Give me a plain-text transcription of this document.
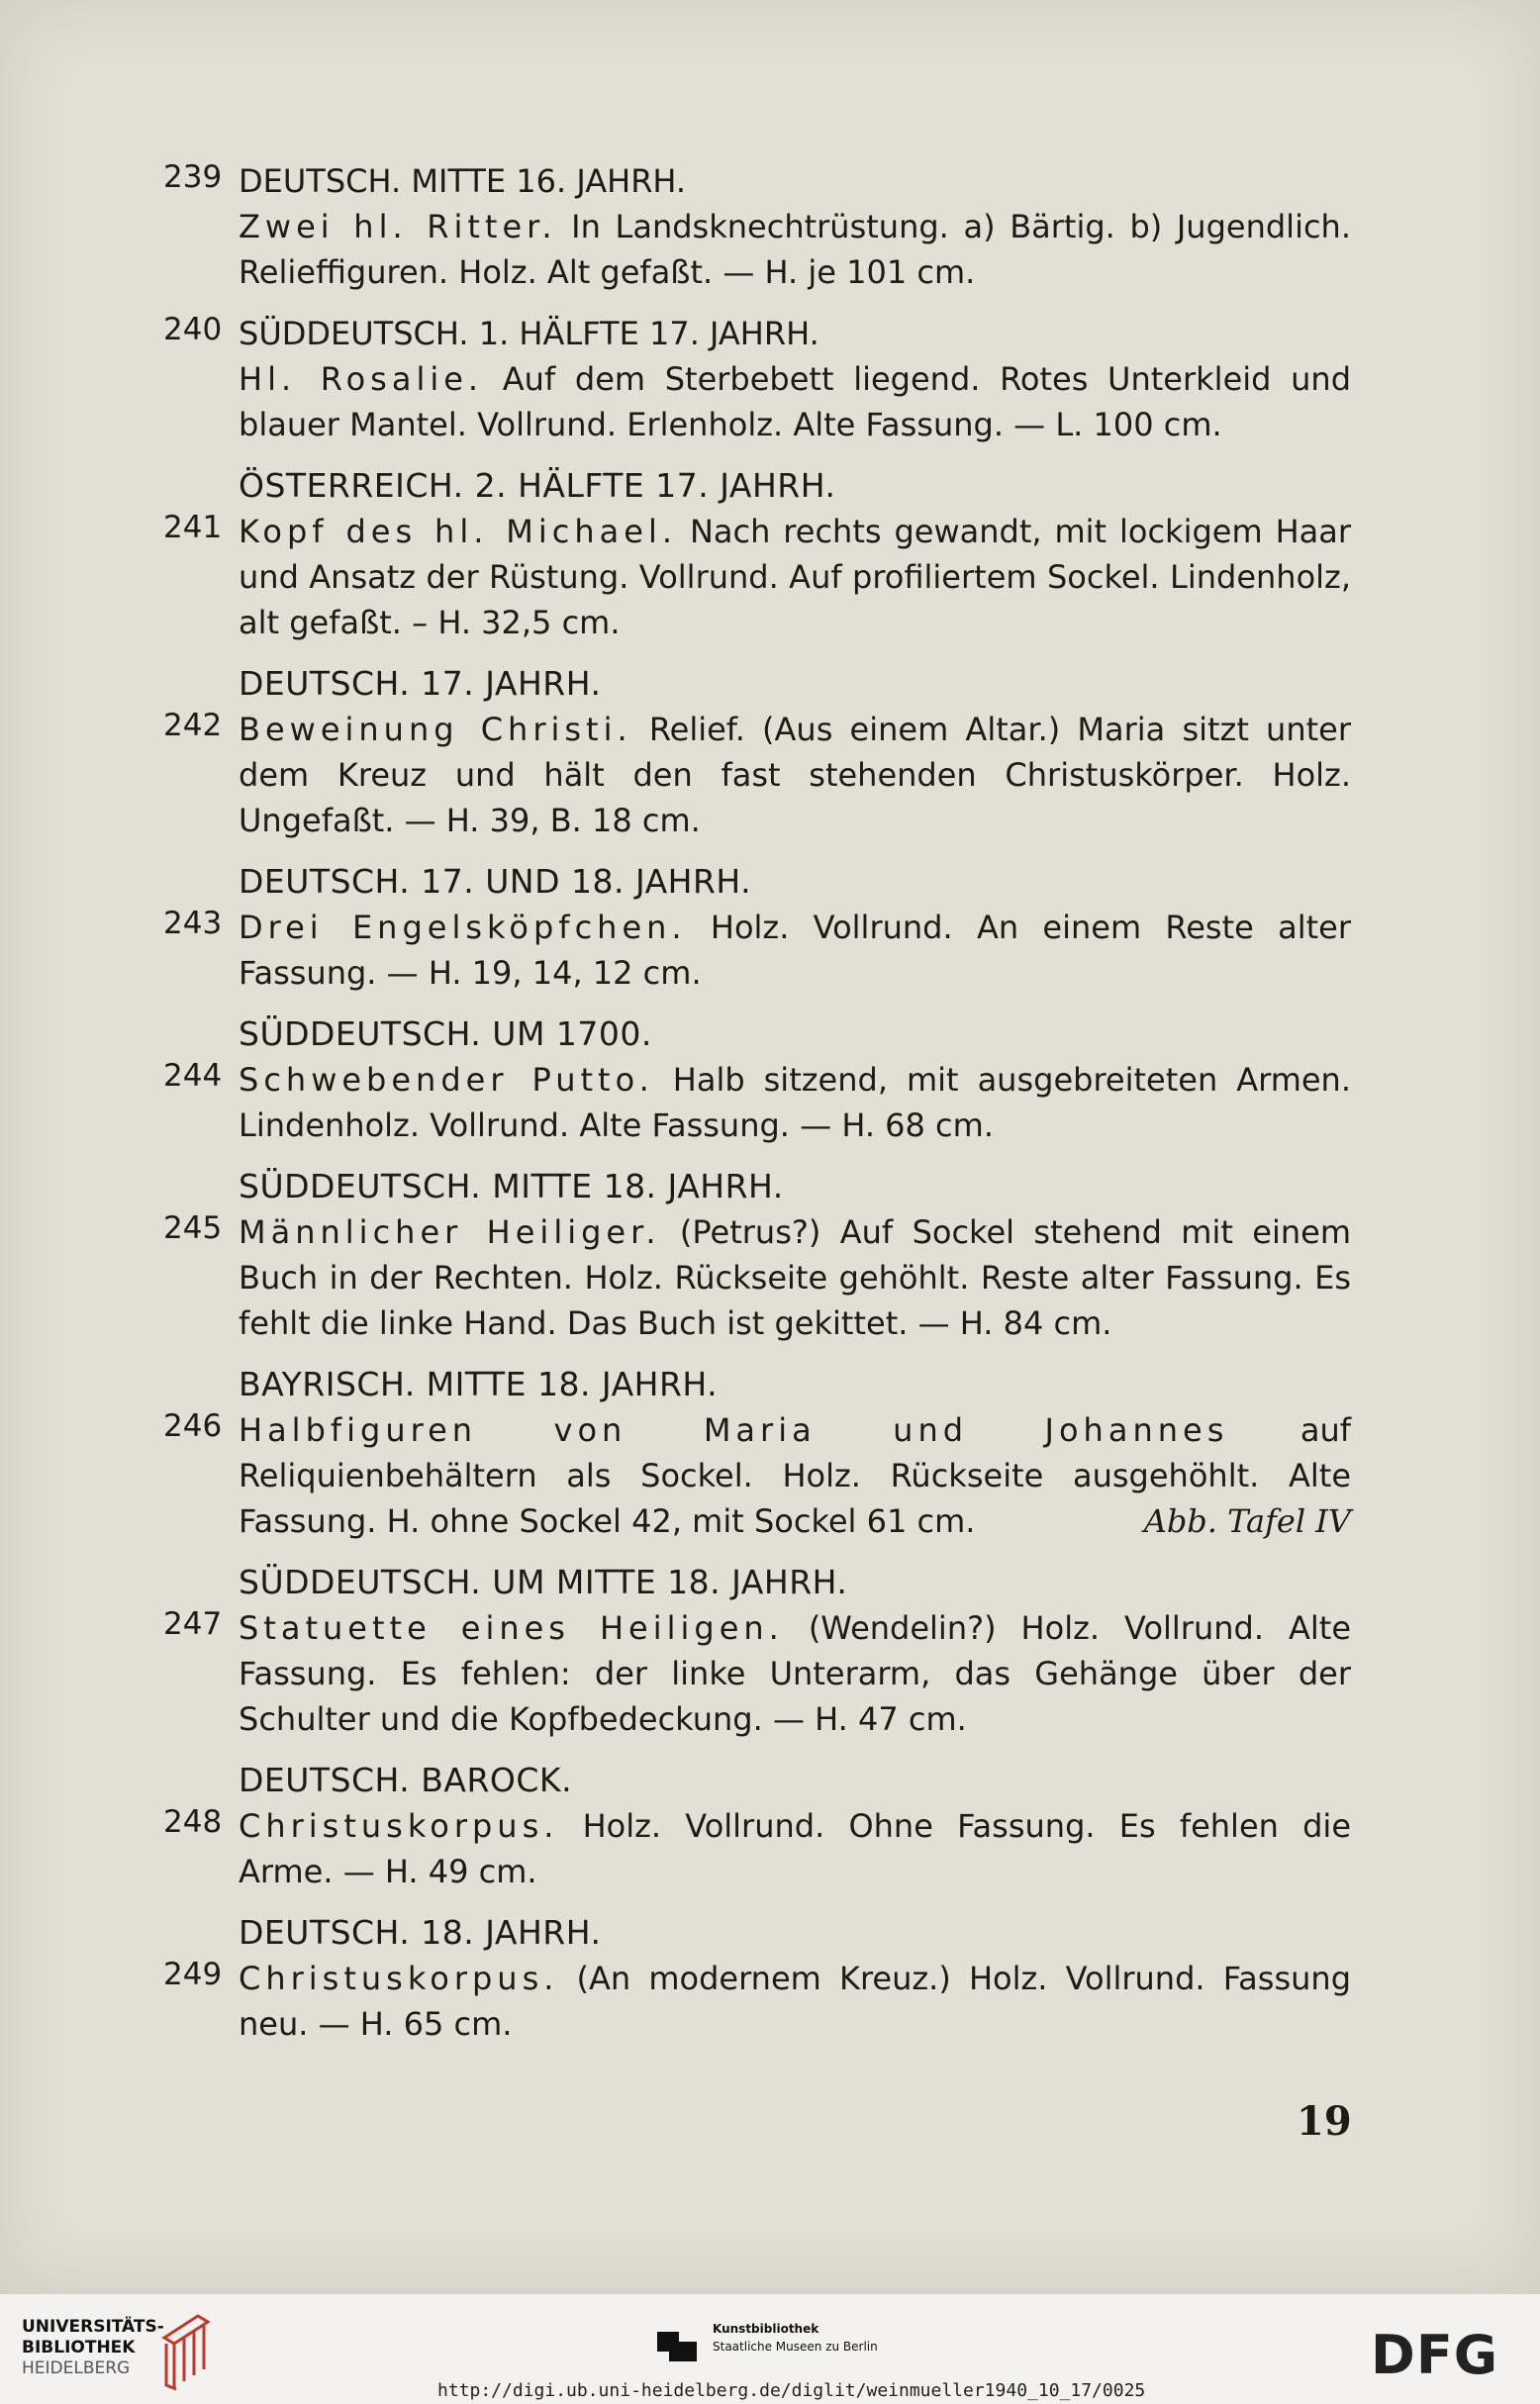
239 DEUTSCH. MITTE 16. JAHRH.
Zwei hl. Ritter. In Landsknechtrüstung. a) Bärtig. b) Jugendlich. Relieffiguren. Holz. Alt gefaßt. — H. je 101 cm.
240 SÜDDEUTSCH. 1. HÄLFTE 17. JAHRH.
Hl. Rosalie. Auf dem Sterbebett liegend. Rotes Unterkleid und blauer Mantel. Vollrund. Erlenholz. Alte Fassung. — L. 100 cm.
ÖSTERREICH. 2. HÄLFTE 17. JAHRH.
241 Kopf des hl. Michael. Nach rechts gewandt, mit lockigem Haar und Ansatz der Rüstung. Vollrund. Auf profiliertem Sockel. Lindenholz, alt gefaßt. – H. 32,5 cm.
DEUTSCH. 17. JAHRH.
242 Beweinung Christi. Relief. (Aus einem Altar.) Maria sitzt unter dem Kreuz und hält den fast stehenden Christuskörper. Holz. Ungefaßt. — H. 39, B. 18 cm.
DEUTSCH. 17. UND 18. JAHRH.
243 Drei Engelsköpfchen. Holz. Vollrund. An einem Reste alter Fassung. — H. 19, 14, 12 cm.
SÜDDEUTSCH. UM 1700.
244 Schwebender Putto. Halb sitzend, mit ausgebreiteten Armen. Lindenholz. Vollrund. Alte Fassung. — H. 68 cm.
SÜDDEUTSCH. MITTE 18. JAHRH.
245 Männlicher Heiliger. (Petrus?) Auf Sockel stehend mit einem Buch in der Rechten. Holz. Rückseite gehöhlt. Reste alter Fassung. Es fehlt die linke Hand. Das Buch ist gekittet. — H. 84 cm.
BAYRISCH. MITTE 18. JAHRH.
246 Halbfiguren von Maria und Johannes auf Reliquienbehältern als Sockel. Holz. Rückseite ausgehöhlt. Alte Fassung. H. ohne Sockel 42, mit Sockel 61 cm.	Abb. Tafel IV
SÜDDEUTSCH. UM MITTE 18. JAHRH.
247 Statuette eines Heiligen. (Wendelin?) Holz. Vollrund. Alte Fassung. Es fehlen: der linke Unterarm, das Gehänge über der Schulter und die Kopfbedeckung. — H. 47 cm.
DEUTSCH. BAROCK.
248 Christuskorpus. Holz. Vollrund. Ohne Fassung. Es fehlen die Arme. — H. 49 cm.
DEUTSCH. 18. JAHRH.
249 Christuskorpus. (An modernem Kreuz.) Holz. Vollrund. Fassung neu. — H. 65 cm.
19
UNIVERSITÄTS-
BIBLIOTHEK
HEIDELBERG
Kunstbibliothek
Staatliche Museen zu Berlin	DFG
http://digi.ub.uni-heidelberg.de/diglit/weinmueller1940_10_17/0025
